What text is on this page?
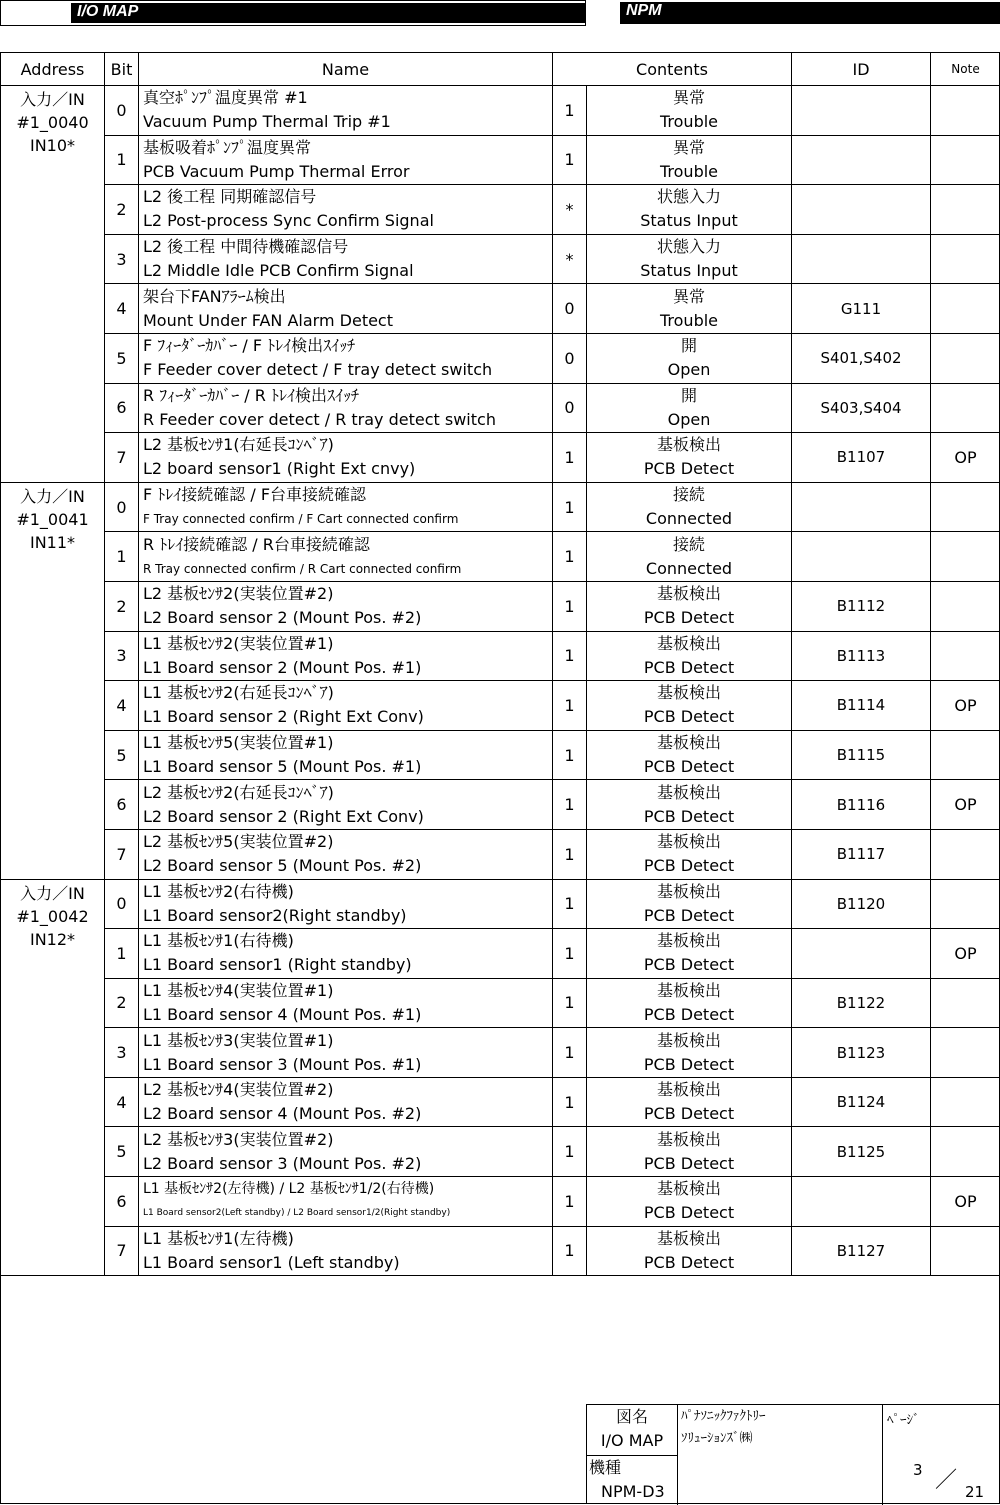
I/O MAP	NPM
Address	Bit	Name	Contents		ID	Note

入力／IN
#1_0040
IN10*	0	真空ﾎﾟﾝﾌﾟ温度異常 #1
Vacuum Pump Thermal Trip #1	1	異常
Trouble		

	1	基板吸着ﾎﾟﾝﾌﾟ温度異常
PCB Vacuum Pump Thermal Error	1	異常
Trouble		

	2	L2 後工程 同期確認信号
L2 Post-process Sync Confirm Signal	*	状態入力
Status Input		

	3	L2 後工程 中間待機確認信号
L2 Middle Idle PCB Confirm Signal	*	状態入力
Status Input		

	4	架台下FANｱﾗｰﾑ検出
Mount Under FAN Alarm Detect	0	異常
Trouble	G111	
	5	F ﾌｨｰﾀﾞｰｶﾊﾞｰ / F ﾄﾚｲ検出ｽｲｯﾁ
F Feeder cover detect / F tray detect switch	0	開
Open	S401,S402	
	6	R ﾌｨｰﾀﾞｰｶﾊﾞｰ / R ﾄﾚｲ検出ｽｲｯﾁ
R Feeder cover detect / R tray detect switch	0	開
Open	S403,S404	
	7	L2 基板ｾﾝｻ1(右延長ｺﾝﾍﾞｱ)
L2 board sensor1 (Right Ext cnvy)	1	基板検出
PCB Detect	B1107	OP

入力／IN
#1_0041
IN11*	0	F ﾄﾚｲ接続確認 / F台車接続確認
F Tray connected confirm / F Cart connected confirm	1	接続
Connected		

	1	R ﾄﾚｲ接続確認 / R台車接続確認
R Tray connected confirm / R Cart connected confirm	1	接続
Connected		

	2	L2 基板ｾﾝｻ2(実装位置#2)
L2 Board sensor 2 (Mount Pos. #2)	1	基板検出
PCB Detect	B1112	
	3	L1 基板ｾﾝｻ2(実装位置#1)
L1 Board sensor 2 (Mount Pos. #1)	1	基板検出
PCB Detect	B1113	
	4	L1 基板ｾﾝｻ2(右延長ｺﾝﾍﾞｱ)
L1 Board sensor 2 (Right Ext Conv)	1	基板検出
PCB Detect	B1114	OP
	5	L1 基板ｾﾝｻ5(実装位置#1)
L1 Board sensor 5 (Mount Pos. #1)	1	基板検出
PCB Detect	B1115	
	6	L2 基板ｾﾝｻ2(右延長ｺﾝﾍﾞｱ)
L2 Board sensor 2 (Right Ext Conv)	1	基板検出
PCB Detect	B1116	OP
	7	L2 基板ｾﾝｻ5(実装位置#2)
L2 Board sensor 5 (Mount Pos. #2)	1	基板検出
PCB Detect	B1117	

入力／IN
#1_0042
IN12*	0	L1 基板ｾﾝｻ2(右待機)
L1 Board sensor2(Right standby)	1	基板検出
PCB Detect	B1120	
	1	L1 基板ｾﾝｻ1(右待機)
L1 Board sensor1 (Right standby)	1	基板検出
PCB Detect		OP
	2	L1 基板ｾﾝｻ4(実装位置#1)
L1 Board sensor 4 (Mount Pos. #1)	1	基板検出
PCB Detect	B1122	
	3	L1 基板ｾﾝｻ3(実装位置#1)
L1 Board sensor 3 (Mount Pos. #1)	1	基板検出
PCB Detect	B1123	
	4	L2 基板ｾﾝｻ4(実装位置#2)
L2 Board sensor 4 (Mount Pos. #2)	1	基板検出
PCB Detect	B1124	
	5	L2 基板ｾﾝｻ3(実装位置#2)
L2 Board sensor 3 (Mount Pos. #2)	1	基板検出
PCB Detect	B1125	
	6	L1 基板ｾﾝｻ2(左待機) / L2 基板ｾﾝｻ1/2(右待機)
L1 Board sensor2(Left standby) / L2 Board sensor1/2(Right standby)	1	基板検出
PCB Detect		OP
	7	L1 基板ｾﾝｻ1(左待機)
L1 Board sensor1 (Left standby)	1	基板検出
PCB Detect	B1127	
図名
I/O MAP
機種
NPM-D3
ﾊﾟﾅｿﾆｯｸﾌｧｸﾄﾘｰ
ｿﾘｭｰｼｮﾝｽﾞ㈱
ﾍﾟｰｼﾞ
3 ／ 21
